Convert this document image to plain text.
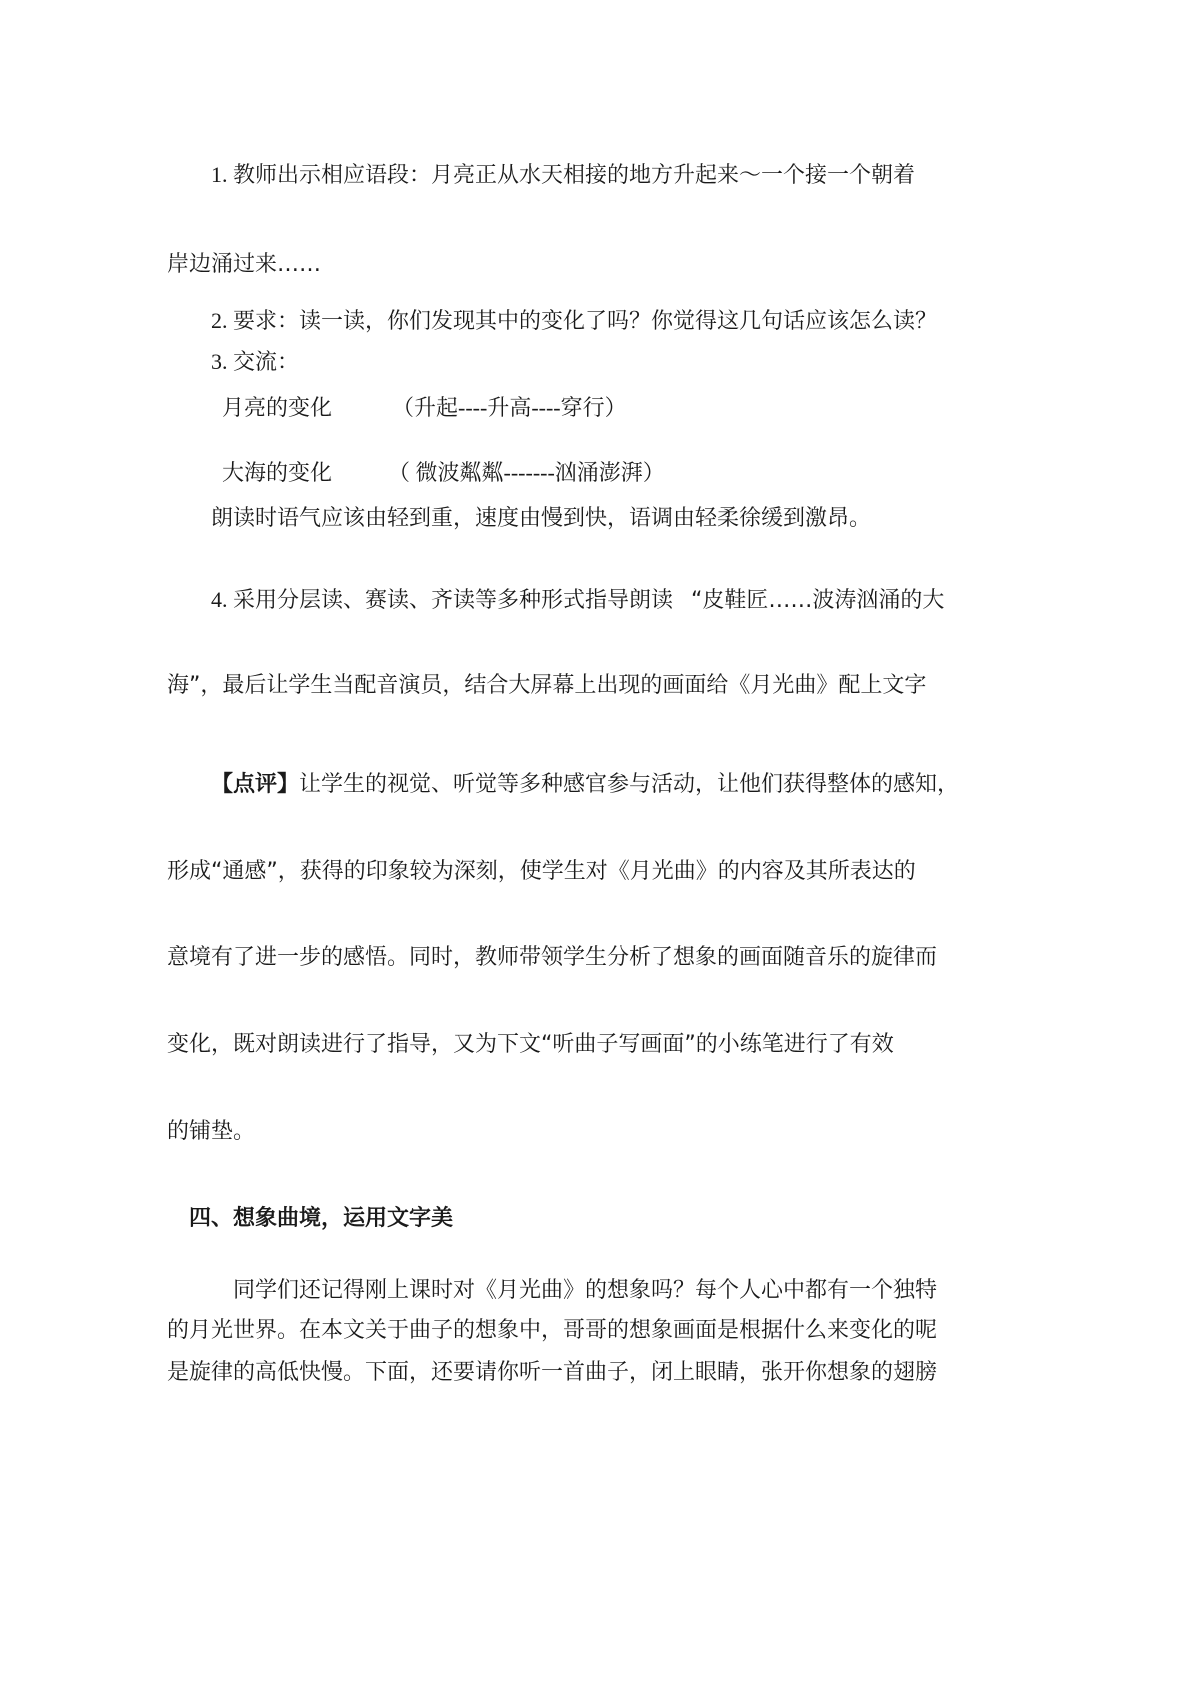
1. 教师出示相应语段：月亮正从水天相接的地方升起来～一个接一个朝着
岸边涌过来……
2. 要求：读一读，你们发现其中的变化了吗？你觉得这几句话应该怎么读？
3. 交流：
月亮的变化	（升起----升高----穿行）
大海的变化	（ 微波粼粼-------汹涌澎湃）
朗读时语气应该由轻到重，速度由慢到快，语调由轻柔徐缓到激昂。
4. 采用分层读、赛读、齐读等多种形式指导朗读 “皮鞋匠……波涛汹涌的大
海”，最后让学生当配音演员，结合大屏幕上出现的画面给《月光曲》配上文字
【点评】让学生的视觉、听觉等多种感官参与活动，让他们获得整体的感知，
形成“通感”，获得的印象较为深刻，使学生对《月光曲》的内容及其所表达的
意境有了进一步的感悟。同时，教师带领学生分析了想象的画面随音乐的旋律而
变化，既对朗读进行了指导，又为下文“听曲子写画面”的小练笔进行了有效
的铺垫。
四、想象曲境，运用文字美
同学们还记得刚上课时对《月光曲》的想象吗？每个人心中都有一个独特
的月光世界。在本文关于曲子的想象中，哥哥的想象画面是根据什么来变化的呢
是旋律的高低快慢。下面，还要请你听一首曲子，闭上眼睛，张开你想象的翅膀
